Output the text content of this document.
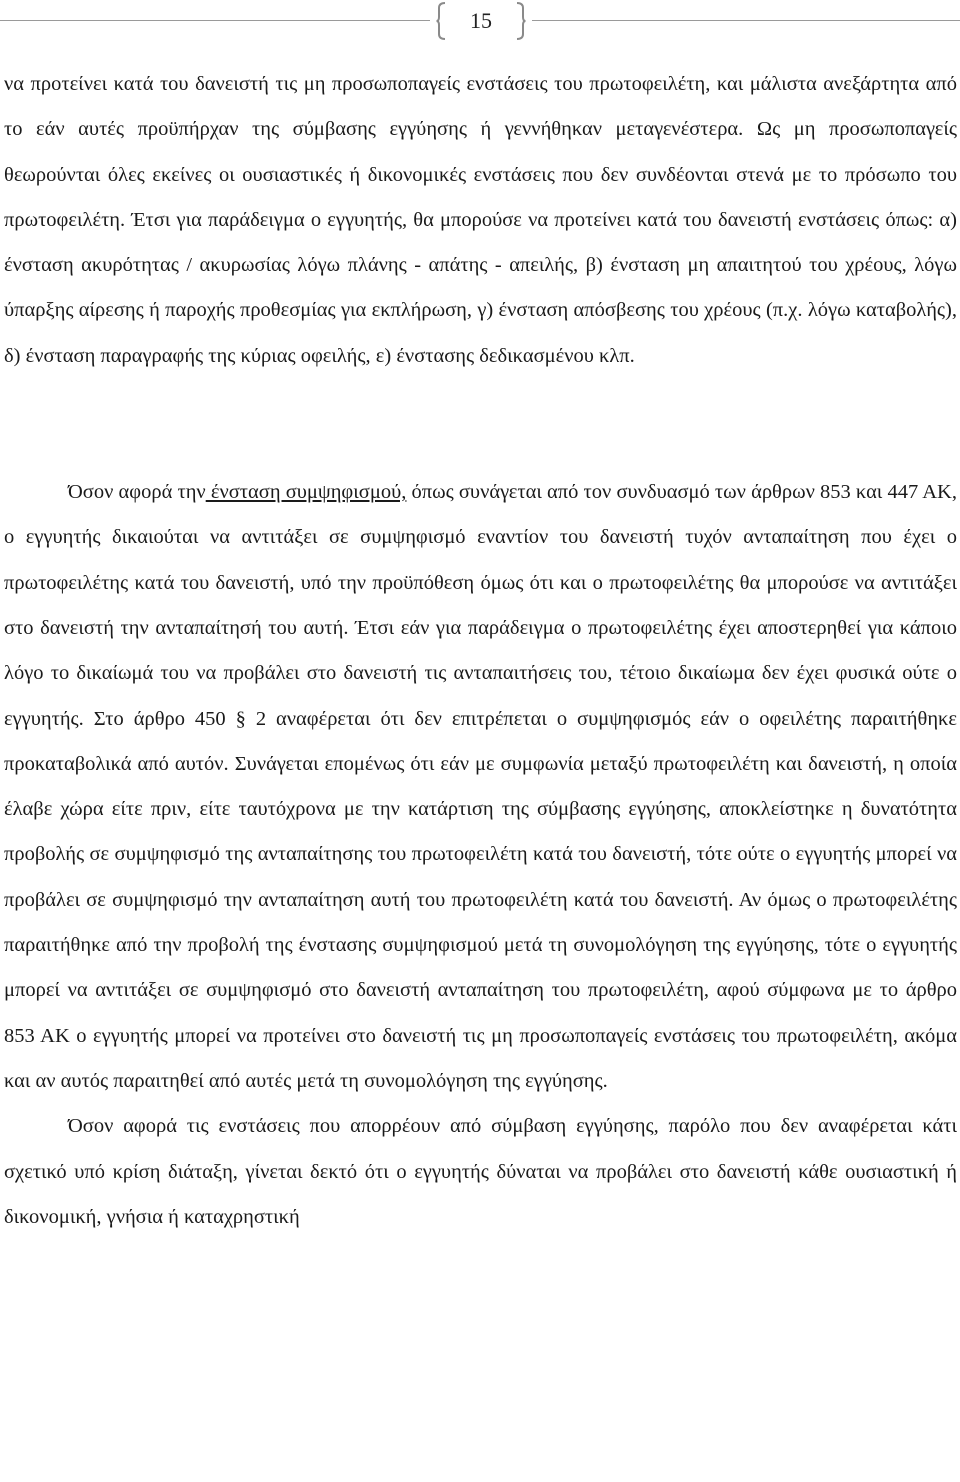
15

να προτείνει κατά του δανειστή τις μη προσωποπαγείς ενστάσεις του πρωτοφειλέτη, και μάλιστα ανεξάρτητα από το εάν αυτές προϋπήρχαν της σύμβασης εγγύησης ή γεννήθηκαν μεταγενέστερα. Ως μη προσωποπαγείς θεωρούνται όλες εκείνες οι ουσιαστικές ή δικονομικές ενστάσεις που δεν συνδέονται στενά με το πρόσωπο του πρωτοφειλέτη. Έτσι για παράδειγμα ο εγγυητής, θα μπορούσε να προτείνει κατά του δανειστή ενστάσεις όπως: α) ένσταση ακυρότητας / ακυρωσίας λόγω πλάνης - απάτης - απειλής, β) ένσταση μη απαιτητού του χρέους, λόγω ύπαρξης αίρεσης ή παροχής προθεσμίας για εκπλήρωση, γ) ένσταση απόσβεσης του χρέους (π.χ. λόγω καταβολής), δ) ένσταση παραγραφής της κύριας οφειλής, ε) ένστασης δεδικασμένου κλπ.

Όσον αφορά την ένσταση συμψηφισμού, όπως συνάγεται από τον συνδυασμό των άρθρων 853 και 447 ΑΚ, ο εγγυητής δικαιούται να αντιτάξει σε συμψηφισμό εναντίον του δανειστή τυχόν ανταπαίτηση που έχει ο πρωτοφειλέτης κατά του δανειστή, υπό την προϋπόθεση όμως ότι και ο πρωτοφειλέτης θα μπορούσε να αντιτάξει στο δανειστή την ανταπαίτησή του αυτή. Έτσι εάν για παράδειγμα ο πρωτοφειλέτης έχει αποστερηθεί για κάποιο λόγο το δικαίωμά του να προβάλει στο δανειστή τις ανταπαιτήσεις του, τέτοιο δικαίωμα δεν έχει φυσικά ούτε ο εγγυητής. Στο άρθρο 450 § 2 αναφέρεται ότι δεν επιτρέπεται ο συμψηφισμός εάν ο οφειλέτης παραιτήθηκε προκαταβολικά από αυτόν. Συνάγεται επομένως ότι εάν με συμφωνία μεταξύ πρωτοφειλέτη και δανειστή, η οποία έλαβε χώρα είτε πριν, είτε ταυτόχρονα με την κατάρτιση της σύμβασης εγγύησης, αποκλείστηκε η δυνατότητα προβολής σε συμψηφισμό της ανταπαίτησης του πρωτοφειλέτη κατά του δανειστή, τότε ούτε ο εγγυητής μπορεί να προβάλει σε συμψηφισμό την ανταπαίτηση αυτή του πρωτοφειλέτη κατά του δανειστή. Αν όμως ο πρωτοφειλέτης παραιτήθηκε από την προβολή της ένστασης συμψηφισμού μετά τη συνομολόγηση της εγγύησης, τότε ο εγγυητής μπορεί να αντιτάξει σε συμψηφισμό στο δανειστή ανταπαίτηση του πρωτοφειλέτη, αφού σύμφωνα με το άρθρο 853 ΑΚ ο εγγυητής μπορεί να προτείνει στο δανειστή τις μη προσωποπαγείς ενστάσεις του πρωτοφειλέτη, ακόμα και αν αυτός παραιτηθεί από αυτές μετά τη συνομολόγηση της εγγύησης.

Όσον αφορά τις ενστάσεις που απορρέουν από σύμβαση εγγύησης, παρόλο που δεν αναφέρεται κάτι σχετικό υπό κρίση διάταξη, γίνεται δεκτό ότι ο εγγυητής δύναται να προβάλει στο δανειστή κάθε ουσιαστική ή δικονομική, γνήσια ή καταχρηστική
